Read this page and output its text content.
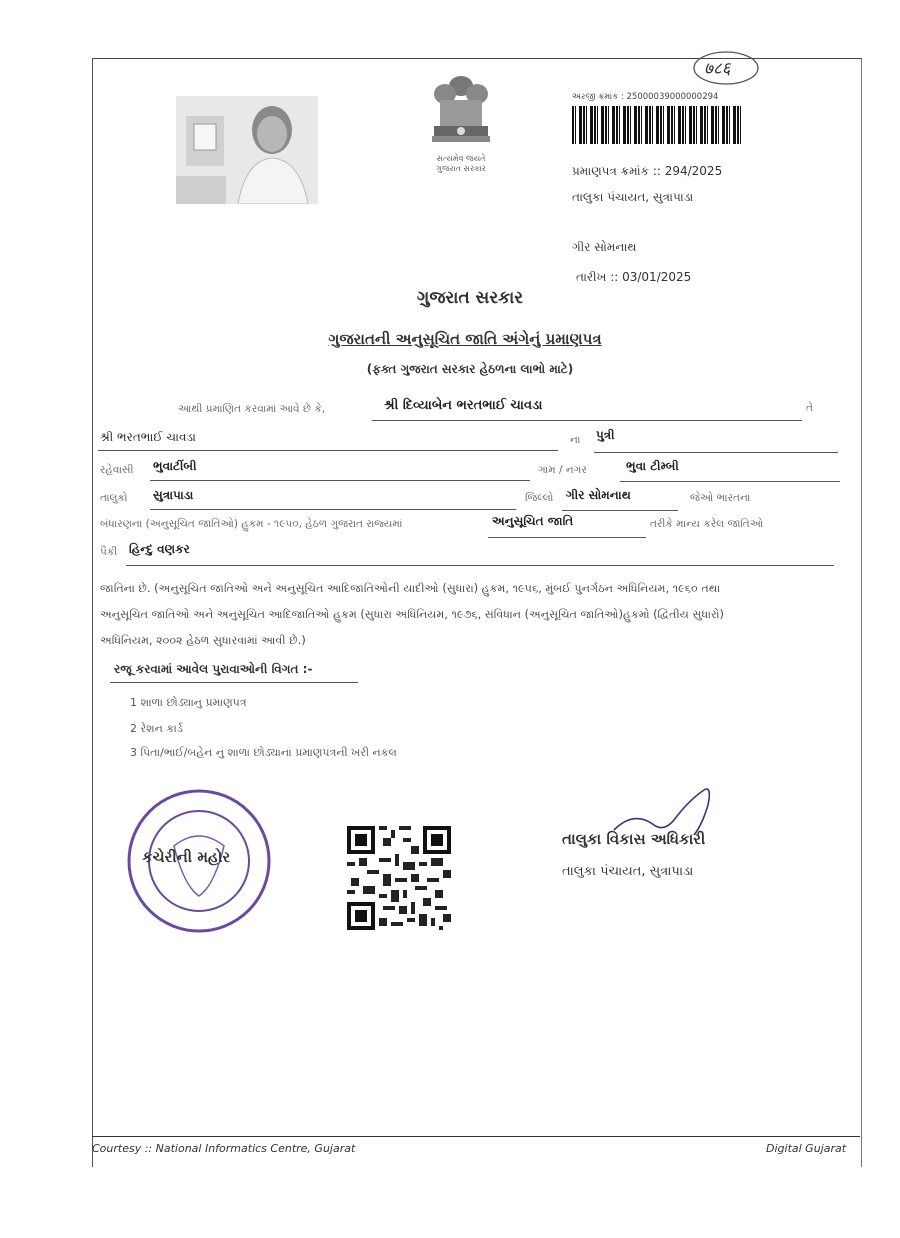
७८६
સત્યમેવ જયતે
ગુજરાત સરકાર
અરજી ક્રમાંક : 25000039000000294
પ્રમાણપત્ર ક્રમાંક :: 294/2025
તાલુકા પંચાયત, સુત્રાપાડા
ગીર સોમનાથ
તારીખ :: 03/01/2025
ગુજરાત સરકાર
ગુજરાતની અનુસૂચિત જાતિ અંગેનું પ્રમાણપત્ર
(ફક્ત ગુજરાત સરકાર હેઠળના લાભો માટે)
આથી પ્રમાણિત કરવામાં આવે છે કે,	શ્રી દિવ્યાબેન ભરતભાઈ ચાવડા	તે
શ્રી ભરતભાઈ ચાવડા	ના પુત્રી
રહેવાસી ભુવાટીંબી	ગામ / નગર	ભુવા ટીમ્બી
તાલુકો સુત્રાપાડા	જિલ્લો ગીર સોમનાથ	જેઓ ભારતના
બંધારણના (અનુસૂચિત જાતિઓ) હુકમ - ૧૯૫૦, હેઠળ ગુજરાત રાજ્યમાં	અનુસૂચિત જાતિ	તરીકે માન્ય કરેલ જાતિઓ
પૈકી હિન્દુ વણકર
જાતિના છે. (અનુસૂચિત જાતિઓ અને અનુસૂચિત આદિજાતિઓની યાદીઓ (સુધારા) હુકમ, ૧૯૫૬, મુંબઈ પુનર્ગઠન અધિનિયમ, ૧૯૬૦ તથા
અનુસૂચિત જાતિઓ અને અનુસૂચિત આદિજાતિઓ હુકમ (સુધારા અધિનિયમ, ૧૯૭૬, સંવિધાન (અનુસૂચિત જાતિઓ)હુકમો (દ્વિતીય સુધારો)
અધિનિયમ, ૨૦૦૨ હેઠળ સુધારવામાં આવી છે.)
રજૂ કરવામાં આવેલ પુરાવાઓની વિગત :-
1 શાળા છોડ્યાનુ પ્રમાણપત્ર
2 રેશન કાર્ડ
3 પિતા/ભાઈ/બહેન નું શાળા છોડ્યાનાં પ્રમાણપત્રની ખરી નકલ
કચેરીની મહોર
તાલુકા વિકાસ અધિકારી
તાલુકા પંચાયત, સુત્રાપાડા
Courtesy :: National Informatics Centre, Gujarat	Digital Gujarat
